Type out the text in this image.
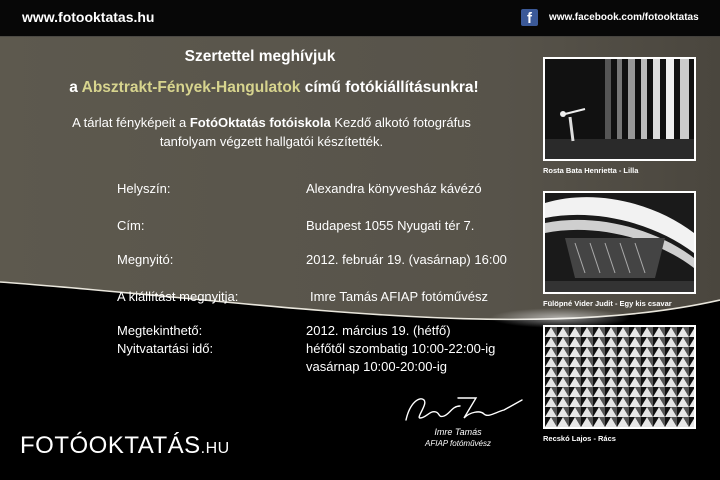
www.fotooktatas.hu	f	www.facebook.com/fotooktatas
Szertettel meghívjuk
a Absztrakt-Fények-Hangulatok című fotókiállításunkra!
A tárlat fényképeit a FotóOktatás fotóiskola Kezdő alkotó fotográfus
tanfolyam végzett hallgatói készítették.
Helyszín:	Alexandra könyvesház kávézó
Cím:	Budapest 1055 Nyugati tér 7.
Megnyitó:	2012. február 19. (vasárnap) 16:00
A kiállítást megnyitja:	Imre Tamás AFIAP fotóművész
Megtekinthető:	2012. március 19. (hétfő)
Nyitvatartási idő:	héfőtől szombatig 10:00-22:00-ig
vasárnap 10:00-20:00-ig
Rosta Bata Henrietta - Lilla
Fülöpné Vider Judit - Egy kis csavar
Recskó Lajos - Rács
Imre Tamás
AFIAP fotóművész
FOTÓOKTATÁS.HU
